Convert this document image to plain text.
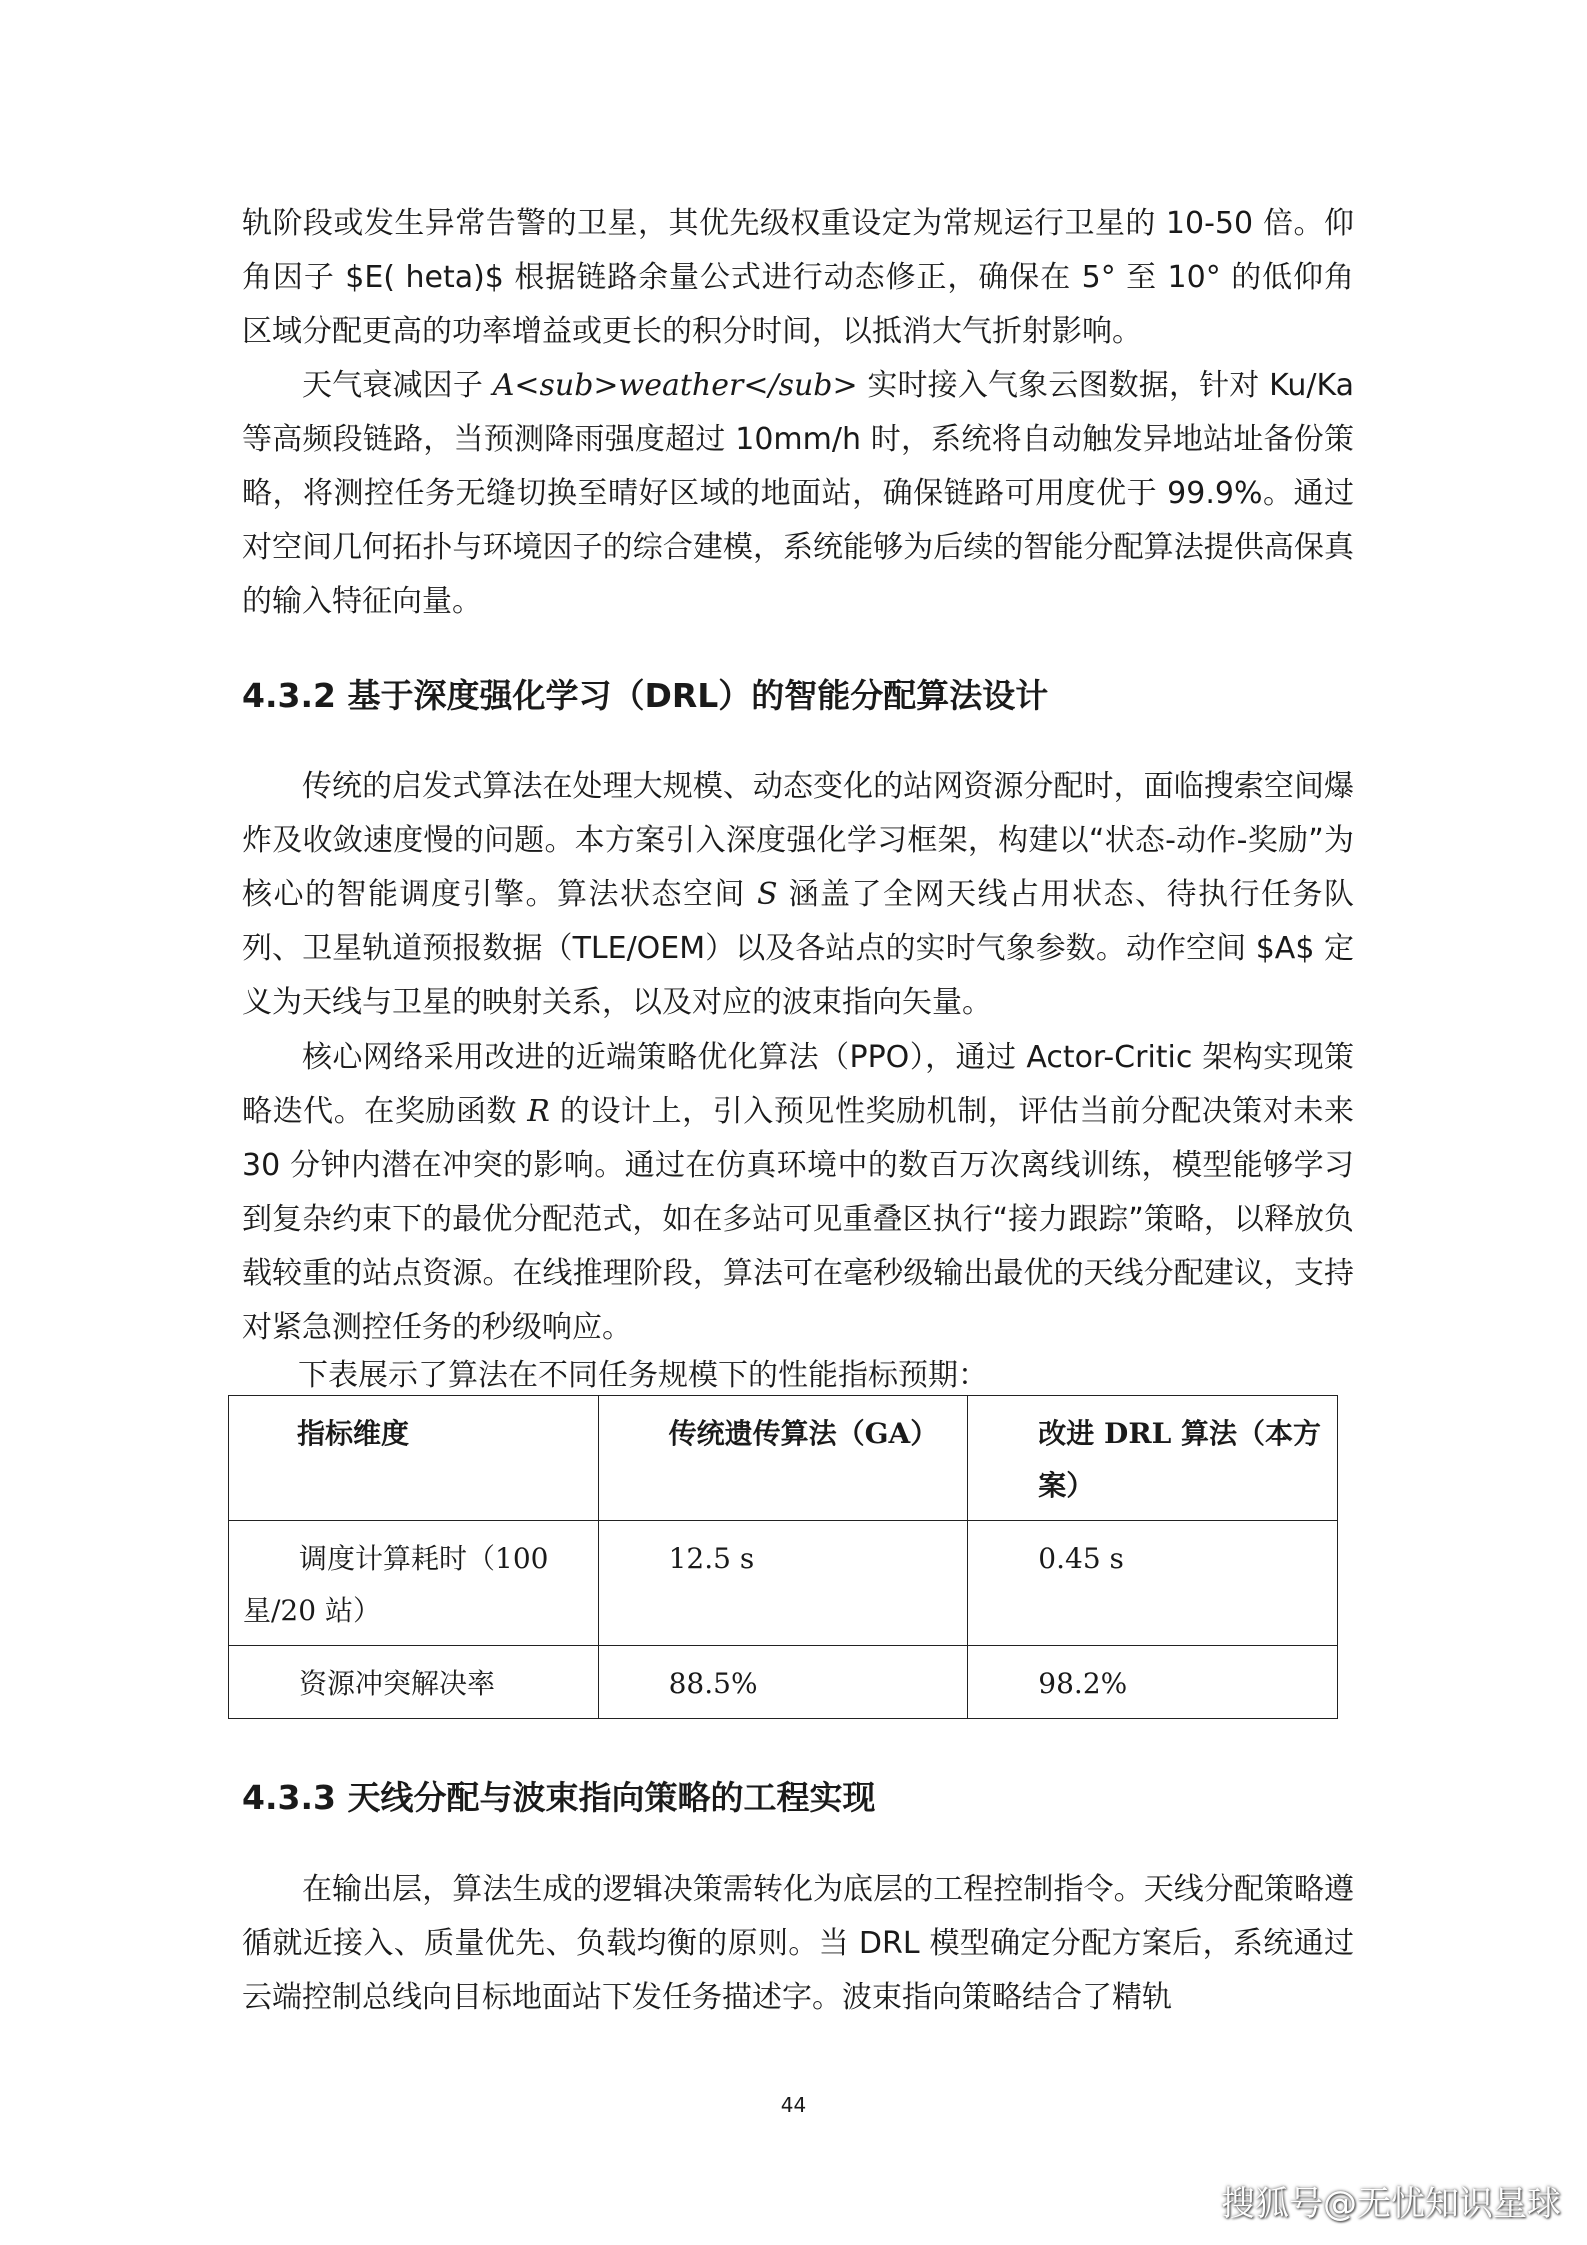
轨阶段或发生异常告警的卫星，其优先级权重设定为常规运行卫星的 10-50 倍。仰角因子 $E( heta)$ 根据链路余量公式进行动态修正，确保在 5° 至 10° 的低仰角区域分配更高的功率增益或更长的积分时间，以抵消大气折射影响。

天气衰减因子 A<sub>weather</sub> 实时接入气象云图数据，针对 Ku/Ka 等高频段链路，当预测降雨强度超过 10mm/h 时，系统将自动触发异地站址备份策略，将测控任务无缝切换至晴好区域的地面站，确保链路可用度优于 99.9%。通过对空间几何拓扑与环境因子的综合建模，系统能够为后续的智能分配算法提供高保真的输入特征向量。

4.3.2 基于深度强化学习（DRL）的智能分配算法设计

传统的启发式算法在处理大规模、动态变化的站网资源分配时，面临搜索空间爆炸及收敛速度慢的问题。本方案引入深度强化学习框架，构建以“状态-动作-奖励”为核心的智能调度引擎。算法状态空间 S 涵盖了全网天线占用状态、待执行任务队列、卫星轨道预报数据（TLE/OEM）以及各站点的实时气象参数。动作空间 $A$ 定义为天线与卫星的映射关系，以及对应的波束指向矢量。

核心网络采用改进的近端策略优化算法（PPO），通过 Actor-Critic 架构实现策略迭代。在奖励函数 R 的设计上，引入预见性奖励机制，评估当前分配决策对未来 30 分钟内潜在冲突的影响。通过在仿真环境中的数百万次离线训练，模型能够学习到复杂约束下的最优分配范式，如在多站可见重叠区执行“接力跟踪”策略，以释放负载较重的站点资源。在线推理阶段，算法可在毫秒级输出最优的天线分配建议，支持对紧急测控任务的秒级响应。

下表展示了算法在不同任务规模下的性能指标预期：

指标维度	传统遗传算法（GA）	改进 DRL 算法（本方案）
调度计算耗时（100 星/20 站）	12.5 s	0.45 s
资源冲突解决率	88.5%	98.2%
4.3.3 天线分配与波束指向策略的工程实现

在输出层，算法生成的逻辑决策需转化为底层的工程控制指令。天线分配策略遵循就近接入、质量优先、负载均衡的原则。当 DRL 模型确定分配方案后，系统通过云端控制总线向目标地面站下发任务描述字。波束指向策略结合了精轨

44

搜狐号@无忧知识星球
